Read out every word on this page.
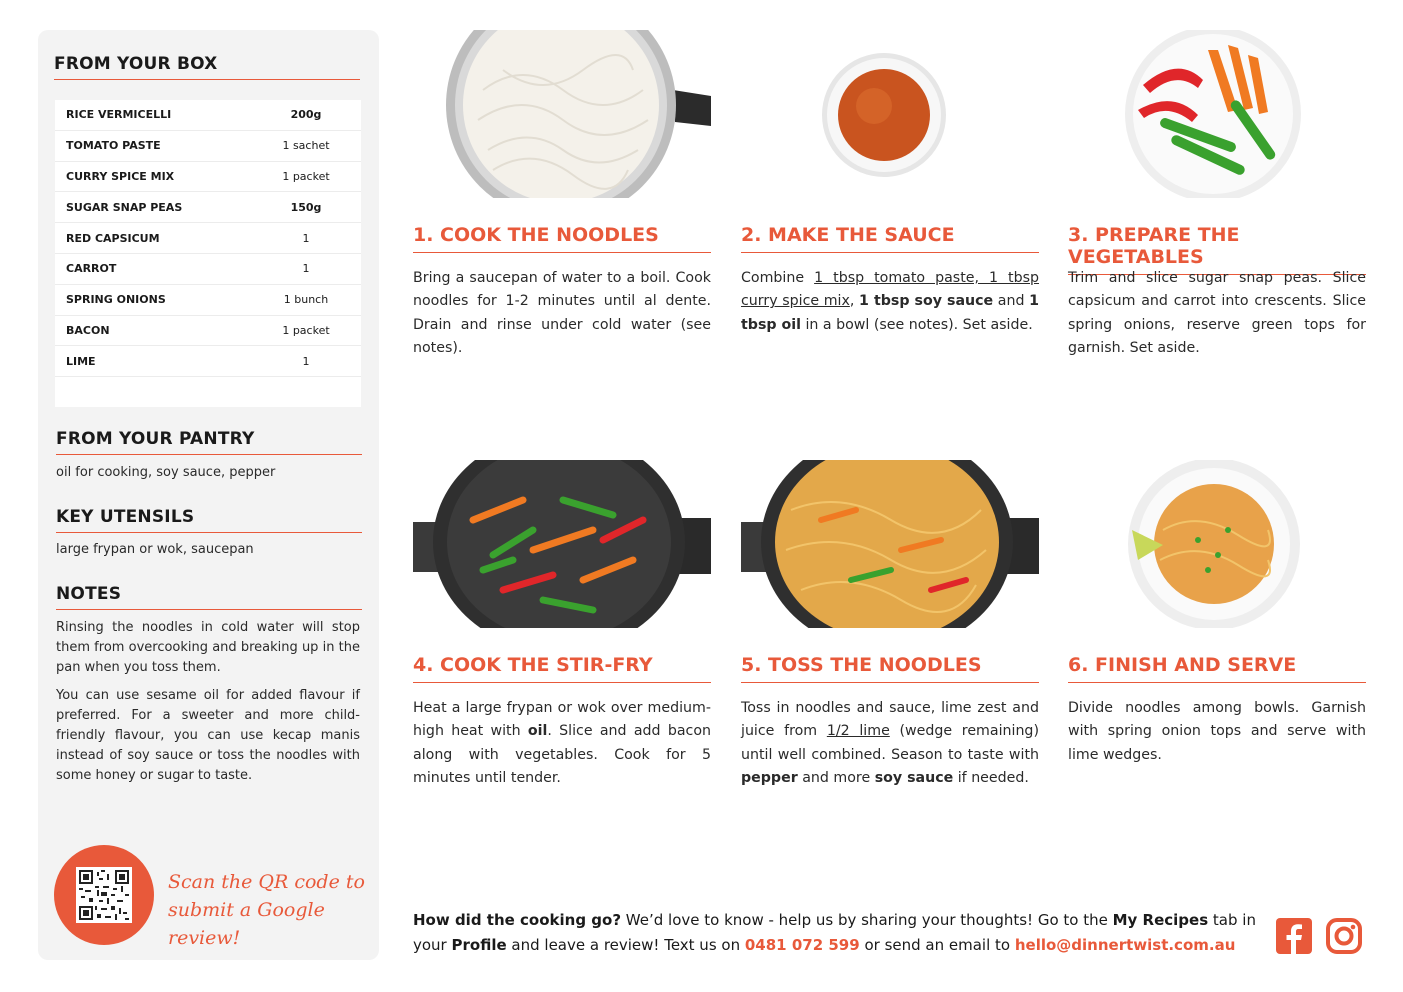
FROM YOUR BOX
RICE VERMICELLI	200g
TOMATO PASTE	1 sachet
CURRY SPICE MIX	1 packet
SUGAR SNAP PEAS	150g
RED CAPSICUM	1
CARROT	1
SPRING ONIONS	1 bunch
BACON	1 packet
LIME	1
FROM YOUR PANTRY
oil for cooking, soy sauce, pepper
KEY UTENSILS
large frypan or wok, saucepan
NOTES

Rinsing the noodles in cold water will stop them from overcooking and breaking up in the pan when you toss them.

You can use sesame oil for added flavour if preferred. For a sweeter and more child-friendly flavour, you can use kecap manis instead of soy sauce or toss the noodles with some honey or sugar to taste.

Scan the QR code to
submit a Google review!
1. COOK THE NOODLES
Bring a saucepan of water to a boil. Cook noodles for 1-2 minutes until al dente. Drain and rinse under cold water (see notes).
2. MAKE THE SAUCE
Combine 1 tbsp tomato paste, 1 tbsp curry spice mix, 1 tbsp soy sauce and 1 tbsp oil in a bowl (see notes). Set aside.
3. PREPARE THE VEGETABLES
Trim and slice sugar snap peas. Slice capsicum and carrot into crescents. Slice spring onions, reserve green tops for garnish. Set aside.
4. COOK THE STIR-FRY
Heat a large frypan or wok over medium-high heat with oil. Slice and add bacon along with vegetables. Cook for 5 minutes until tender.
5. TOSS THE NOODLES
Toss in noodles and sauce, lime zest and juice from 1/2 lime (wedge remaining) until well combined. Season to taste with pepper and more soy sauce if needed.
6. FINISH AND SERVE
Divide noodles among bowls. Garnish with spring onion tops and serve with lime wedges.
How did the cooking go? We’d love to know - help us by sharing your thoughts! Go to the My Recipes tab in your Profile and leave a review! Text us on 0481 072 599 or send an email to hello@dinnertwist.com.au
